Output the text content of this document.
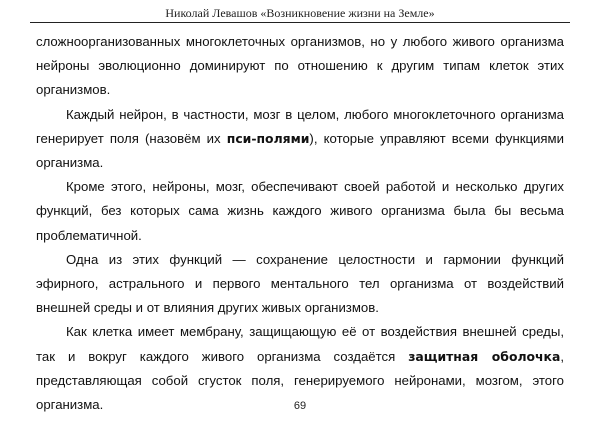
Николай Левашов «Возникновение жизни на Земле»

сложноорганизованных многоклеточных организмов, но у любого живого организма нейроны эволюционно доминируют по отношению к другим типам клеток этих организмов.

Каждый нейрон, в частности, мозг в целом, любого многоклеточного организма генерирует поля (назовём их пси-полями), которые управляют всеми функциями организма.

Кроме этого, нейроны, мозг, обеспечивают своей работой и несколько других функций, без которых сама жизнь каждого живого организма была бы весьма проблематичной.

Одна из этих функций — сохранение целостности и гармонии функций эфирного, астрального и первого ментального тел организма от воздействий внешней среды и от влияния других живых организмов.

Как клетка имеет мембрану, защищающую её от воздействия внешней среды, так и вокруг каждого живого организма создаётся защитная оболочка, представляющая собой сгусток поля, генерируемого нейронами, мозгом, этого организма.	69
